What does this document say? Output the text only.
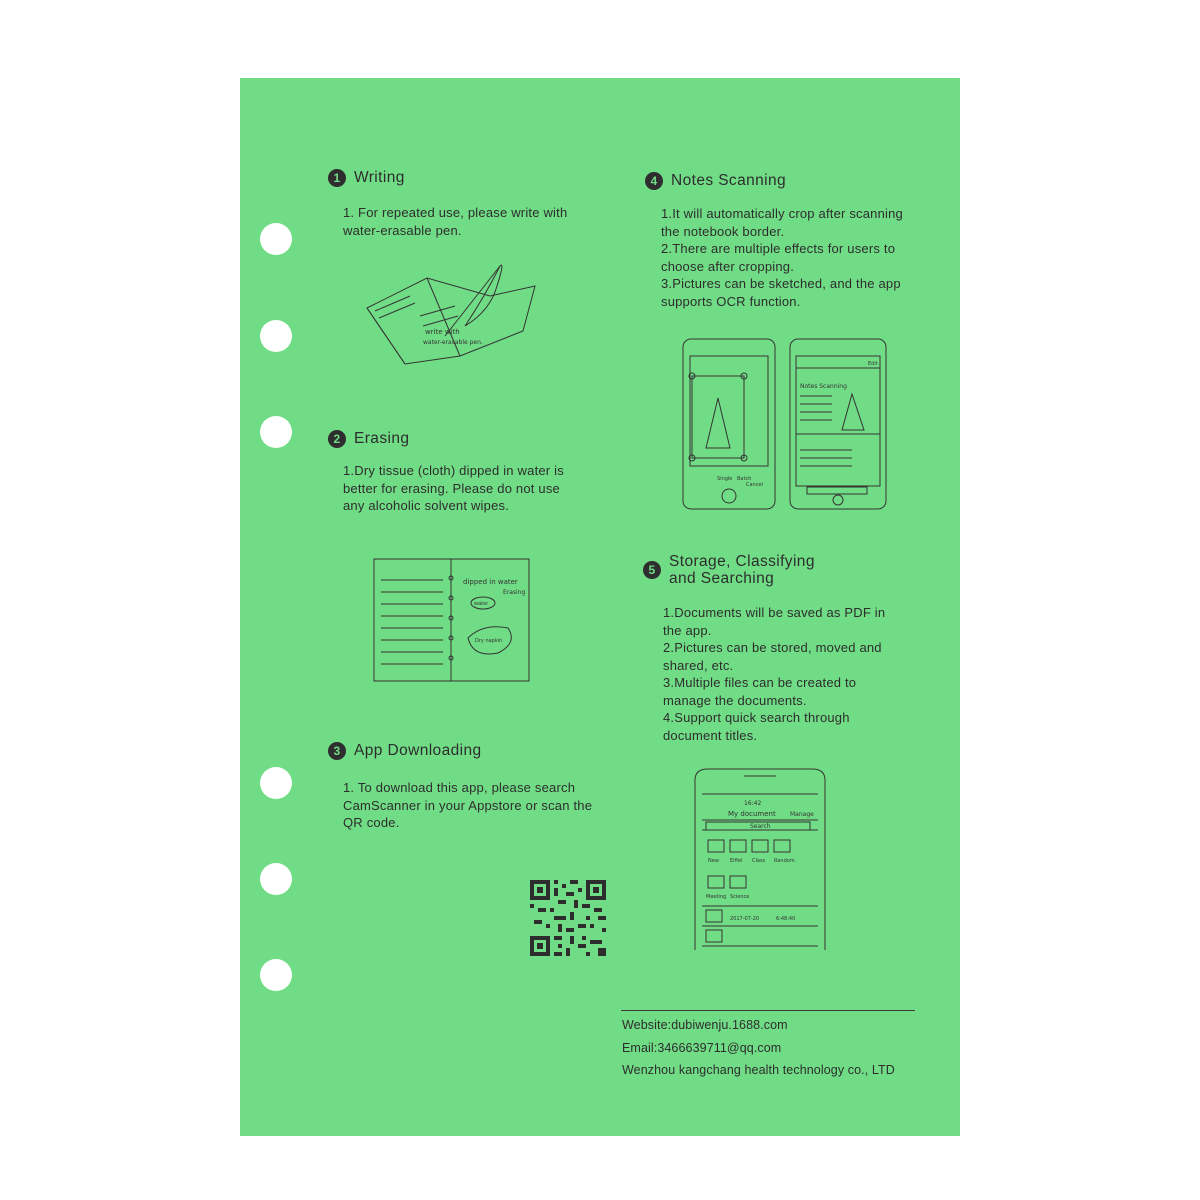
1 Writing
1. For repeated use, please write with
water-erasable pen.
write with
water-erasable pen.
2 Erasing
1.Dry tissue (cloth) dipped in water is
better for erasing. Please do not use
any alcoholic solvent wipes.
dipped in water
Erasing
water
Dry napkin
3 App Downloading
1. To download this app, please search
CamScanner in your Appstore or scan the
QR code.
4 Notes Scanning
1.It will automatically crop after scanning
the notebook border.
2.There are multiple effects for users to
choose after cropping.
3.Pictures can be sketched, and the app
supports OCR function.
Single Batch
Cancel
Notes Scanning
Edit
5 Storage, Classifying
and Searching
1.Documents will be saved as PDF in
the app.
2.Pictures can be stored, moved and
shared, etc.
3.Multiple files can be created to
manage the documents.
4.Support quick search through
document titles.
16:42
My document Manage
Search
New Eiffel Class Random
Meeting Science
2017-07-20	6:48:40
Website:dubiwenju.1688.com
Email:3466639711@qq.com
Wenzhou kangchang health technology co., LTD
